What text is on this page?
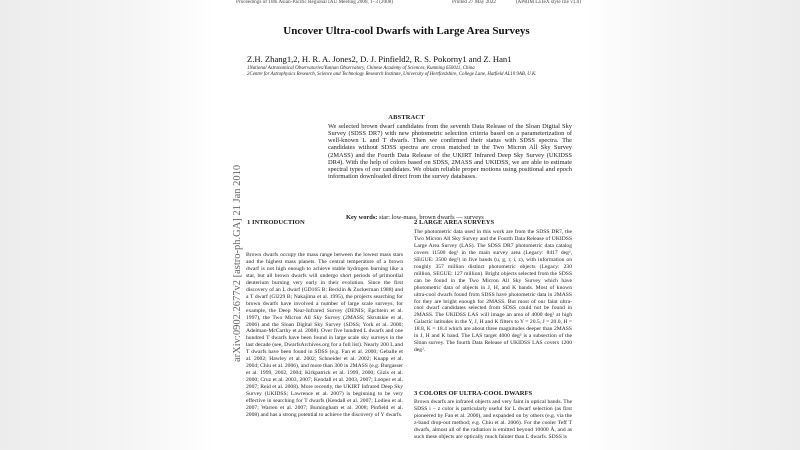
Proceedings of 10th Asian-Pacific Regional IAU Meeting 2008, 1–3 (2008)	Printed 27 May 2022	(APRIM LaTeX style file v1.0)
Uncover Ultra-cool Dwarfs with Large Area Surveys
Z.H. Zhang1,2, H. R. A. Jones2, D. J. Pinfield2, R. S. Pokorny1 and Z. Han1
1National Astronomical Observatories/Yunnan Observatory, Chinese Academy of Sciences, Kunming 650011, China
2Centre for Astrophysics Research, Science and Technology Research Institute, University of Hertfordshire, College Lane, Hatfield AL10 9AB, U.K.
ABSTRACT
We selected brown dwarf candidates from the seventh Data Release of the Sloan Digital Sky Survey (SDSS DR7) with new photometric selection criteria based on a parameterization of well-known L and T dwarfs. Then we confirmed their status with SDSS spectra. The candidates without SDSS spectra are cross matched in the Two Micron All Sky Survey (2MASS) and the Fourth Data Release of the UKIRT Infrared Deep Sky Survey (UKIDSS DR4). With the help of colors based on SDSS, 2MASS and UKIDSS, we are able to estimate spectral types of our candidates. We obtain reliable proper motions using positional and epoch information downloaded direct from the survey databases.
Key words: star: low-mass, brown dwarfs — surveys
1 INTRODUCTION
Brown dwarfs occupy the mass range between the lowest mass stars and the highest mass planets. The central temperature of a brown dwarf is not high enough to achieve stable hydrogen burning like a star, but all brown dwarfs will undergo short periods of primordial deuterium burning very early in their evolution. Since the first discovery of an L dwarf (GD165 B; Becklin & Zuckerman 1988) and a T dwarf (Gl229 B; Nakajima et al. 1995), the projects searching for brown dwarfs have involved a number of large scale surveys, for example, the Deep Near-Infrared Survey (DENIS; Epchtein et al. 1997), the Two Micron All Sky Survey (2MASS; Skrutskie et al. 2006) and the Sloan Digital Sky Survey (SDSS; York et al. 2000; Adelman-McCarthy et al. 2008). Over five hundred L dwarfs and one hundred T dwarfs have been found in large scale sky surveys in the last decade (see, DwarfsArchives.org for a full list). Nearly 200 L and T dwarfs have been found in SDSS (e.g. Fan et al. 2000; Geballe et al. 2002; Hawley et al. 2002; Schneider et al. 2002; Knapp et al. 2004; Chiu et al. 2006), and more than 300 in 2MASS (e.g. Burgasser et al. 1999, 2002, 2004; Kirkpatrick et al. 1999, 2000; Gizis et al. 2000; Cruz et al. 2003, 2007; Kendall et al. 2003, 2007; Looper et al. 2007; Reid et al. 2008). More recently, the UKIRT Infrared Deep Sky Survey (UKIDSS; Lawrence et al. 2007) is beginning to be very effective in searching for T dwarfs (Kendall et al. 2007; Lodieu et al. 2007; Warren et al. 2007; Burningham et al. 2008; Pinfield et al. 2008) and has a strong potential to achieve the discovery of Y dwarfs.
2 LARGE AREA SURVEYS
The photometric data used in this work are from the SDSS DR7, the Two Micron All Sky Survey and the Fourth Data Release of UKIDSS Large Area Survey (LAS). The SDSS DR7 photometric data catalog covers 11500 deg² in the main survey area (Legacy: 8417 deg², SEGUE: 3500 deg²) in five bands (u, g, r, i, z), with information on roughly 357 million distinct photometric objects (Legacy: 230 million, SEGUE: 127 million). Bright objects selected from the SDSS can be found in the Two Micron All Sky Survey which have photometric data of objects in J, H, and K bands. Most of known ultra-cool dwarfs found from SDSS have photometric data in 2MASS for they are bright enough for 2MASS. But most of our faint ultra-cool dwarf candidates selected from SDSS could not be found in 2MASS. The UKIDSS LAS will image an area of 4000 deg² at high Galactic latitudes in the Y, J, H and K filters to Y = 20.5, J = 20.0, H = 18.8, K = 18.4 which are about three magnitudes deeper than 2MASS in J, H and K band. The LAS target 4000 deg² is a subsection of the Sloan survey. The fourth Data Release of UKIDSS LAS covers 1200 deg².
3 COLORS OF ULTRA-COOL DWARFS
Brown dwarfs are infrared objects and very faint in optical bands. The SDSS i − z color is particularly useful for L dwarf selection (as first pioneered by Fan et al. 2000), and expanded on by others (e.g. via the z-band drop-out method; e.g. Chiu et al. 2006). For the cooler Teff T dwarfs, almost all of the radiation is emitted beyond 10000 Å, and as such these objects are optically much fainter than L dwarfs. SDSS is
